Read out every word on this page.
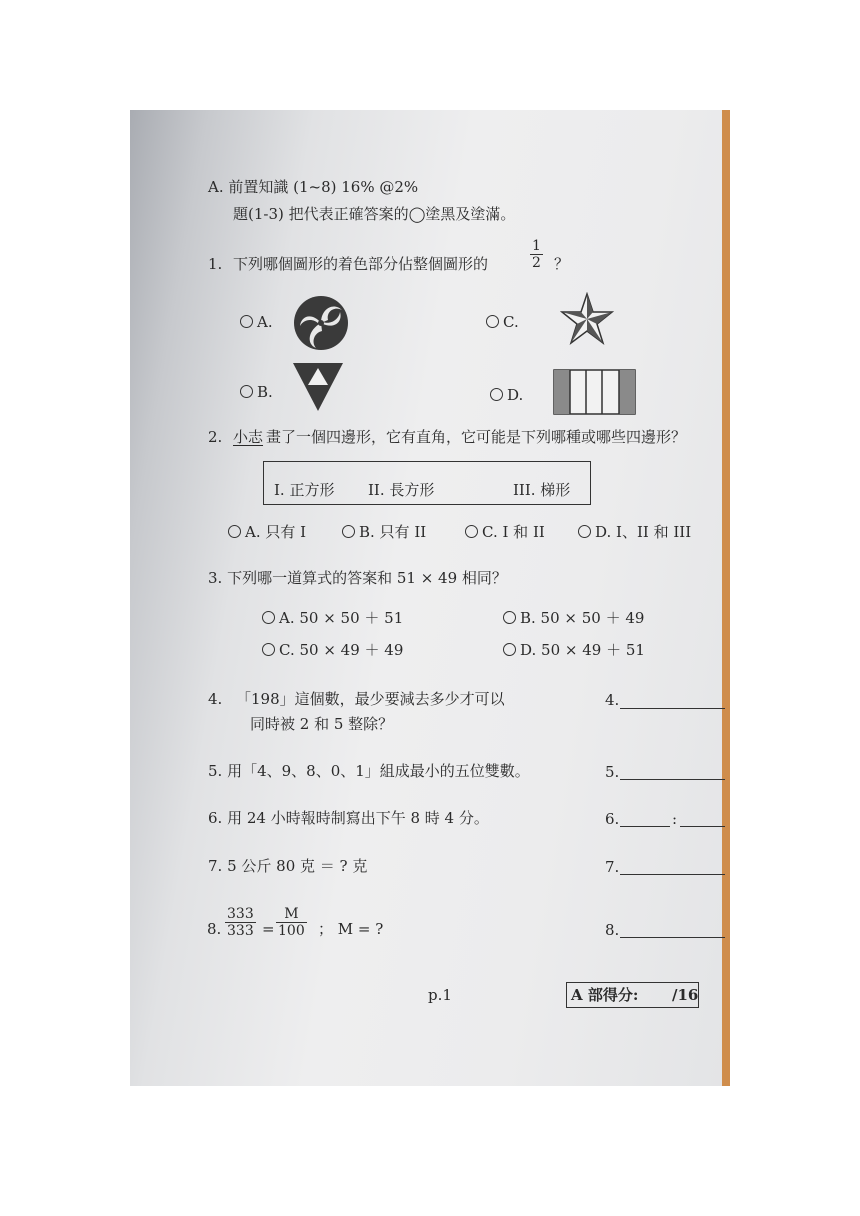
A. 前置知識 (1~8) 16% @2%
題(1-3) 把代表正確答案的◯塗黑及塗滿。
1. 下列哪個圖形的着色部分佔整個圖形的	$\frac{1}{2}$ ？
A.
B.
C.
D.
2. 小志 畫了一個四邊形，它有直角，它可能是下列哪種或哪些四邊形？
I. 正方形 II. 長方形	III. 梯形
A. 只有 I	B. 只有 II	C. I 和 II	D. I、II 和 III
3. 下列哪一道算式的答案和 51 × 49 相同？
A. 50 × 50 ＋ 51	B. 50 × 50 ＋ 49
C. 50 × 49 ＋ 49	D. 50 × 49 ＋ 51
4. 「198」這個數，最少要減去多少才可以
同時被 2 和 5 整除？
4.
5. 用「4、9、8、0、1」組成最小的五位雙數。	5.
6. 用 24 小時報時制寫出下午 8 時 4 分。	6.	:
7. 5 公斤 80 克 ＝ ? 克	7.
8. $\frac{333}{333} = \frac{M}{100}$ ； M = ?	8.
p.1	A 部得分: /16
